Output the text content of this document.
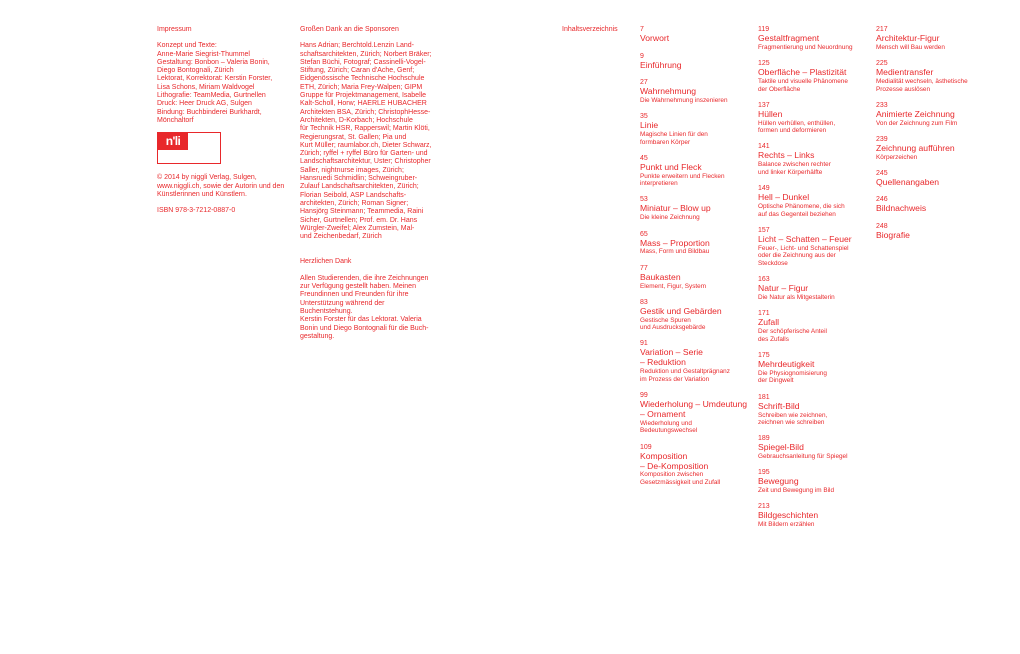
Impressum
Konzept und Texte:
Anne-Marie Siegrist-Thummel
Gestaltung: Bonbon – Valeria Bonin,
Diego Bontognali, Zürich
Lektorat, Korrektorat: Kerstin Forster,
Lisa Schons, Miriam Waldvogel
Lithografie: TeamMedia, Gurtnellen
Druck: Heer Druck AG, Sulgen
Bindung: Buchbinderei Burkhardt,
Mönchaltorf
n'li
© 2014 by niggli Verlag, Sulgen,
www.niggli.ch, sowie der Autorin und den
Künstlerinnen und Künstlern.
ISBN 978-3-7212-0887-0
Großen Dank an die Sponsoren
Hans Adrian; Berchtold.Lenzin Land-
schaftsarchitekten, Zürich; Norbert Bräker;
Stefan Büchi, Fotograf; Cassinelli-Vogel-
Stiftung, Zürich; Caran d'Ache, Genf;
Eidgenössische Technische Hochschule
ETH, Zürich; Maria Frey-Walpen; GIPM
Gruppe für Projektmanagement, Isabelle
Kalt-Scholl, Horw; HAERLE HUBACHER
Architekten BSA, Zürich; ChristophHesse-
Architekten, D-Korbach; Hochschule
für Technik HSR, Rapperswil; Martin Klöti,
Regierungsrat, St. Gallen; Pia und
Kurt Müller; raumlabor.ch, Dieter Schwarz,
Zürich; ryffel + ryffel Büro für Garten- und
Landschaftsarchitektur, Uster; Christopher
Saller, nightnurse images, Zürich;
Hansruedi Schmidlin; Schweingruber-
Zulauf Landschaftsarchitekten, Zürich;
Florian Seibold, ASP Landschafts-
architekten, Zürich; Roman Signer;
Hansjörg Steinmann; Teammedia, Raini
Sicher, Gurtnellen; Prof. em. Dr. Hans
Würgler-Zweifel; Alex Zumstein, Mal-
und Zeichenbedarf, Zürich
Herzlichen Dank
Allen Studierenden, die ihre Zeichnungen
zur Verfügung gestellt haben. Meinen
Freundinnen und Freunden für ihre
Unterstützung während der Buchentstehung.
Kerstin Forster für das Lektorat. Valeria
Bonin und Diego Bontognali für die Buch-
gestaltung.
Inhaltsverzeichnis	7
Vorwort
9
Einführung
27
Wahrnehmung
Die Wahrnehmung inszenieren
35
Linie
Magische Linien für den
formbaren Körper
45
Punkt und Fleck
Punkte erweitern und Flecken
interpretieren
53
Miniatur – Blow up
Die kleine Zeichnung
65
Mass – Proportion
Mass, Form und Bildbau
77
Baukasten
Element, Figur, System
83
Gestik und Gebärden
Gestische Spuren
und Ausdrucksgebärde
91
Variation – Serie
– Reduktion
Reduktion und Gestaltprägnanz
im Prozess der Variation
99
Wiederholung – Umdeutung
– Ornament
Wiederholung und
Bedeutungswechsel
109
Komposition
– De-Komposition
Komposition zwischen
Gesetzmässigkeit und Zufall
119
Gestaltfragment
Fragmentierung und Neuordnung
125
Oberfläche – Plastizität
Taktile und visuelle Phänomene
der Oberfläche
137
Hüllen
Hüllen verhüllen, enthüllen,
formen und deformieren
141
Rechts – Links
Balance zwischen rechter
und linker Körperhälfte
149
Hell – Dunkel
Optische Phänomene, die sich
auf das Gegenteil beziehen
157
Licht – Schatten – Feuer
Feuer-, Licht- und Schattenspiel
oder die Zeichnung aus der
Steckdose
163
Natur – Figur
Die Natur als Mitgestalterin
171
Zufall
Der schöpferische Anteil
des Zufalls
175
Mehrdeutigkeit
Die Physiognomisierung
der Dingwelt
181
Schrift-Bild
Schreiben wie zeichnen,
zeichnen wie schreiben
189
Spiegel-Bild
Gebrauchsanleitung für Spiegel
195
Bewegung
Zeit und Bewegung im Bild
213
Bildgeschichten
Mit Bildern erzählen
217
Architektur-Figur
Mensch will Bau werden
225
Medientransfer
Medialität wechseln, ästhetische
Prozesse auslösen
233
Animierte Zeichnung
Von der Zeichnung zum Film
239
Zeichnung aufführen
Körperzeichen
245
Quellenangaben
246
Bildnachweis
248
Biografie
